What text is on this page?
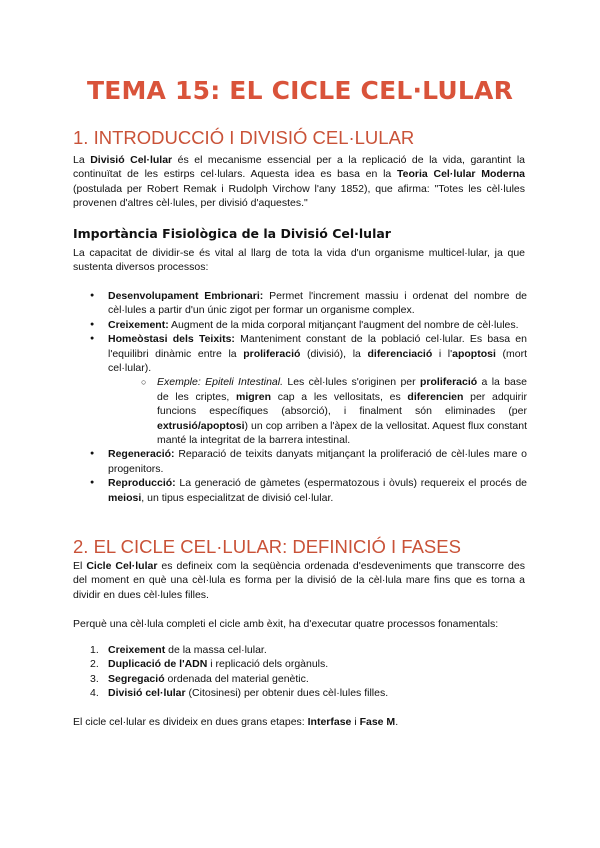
TEMA 15: EL CICLE CEL·LULAR
1. INTRODUCCIÓ I DIVISIÓ CEL·LULAR

La Divisió Cel·lular és el mecanisme essencial per a la replicació de la vida, garantint la continuïtat de les estirps cel·lulars. Aquesta idea es basa en la Teoria Cel·lular Moderna (postulada per Robert Remak i Rudolph Virchow l'any 1852), que afirma: "Totes les cèl·lules provenen d'altres cèl·lules, per divisió d'aquestes."

Importància Fisiològica de la Divisió Cel·lular

La capacitat de dividir-se és vital al llarg de tota la vida d'un organisme multicel·lular, ja que sustenta diversos processos:

● Desenvolupament Embrionari: Permet l'increment massiu i ordenat del nombre de cèl·lules a partir d'un únic zigot per formar un organisme complex.
● Creixement: Augment de la mida corporal mitjançant l'augment del nombre de cèl·lules.
● Homeòstasi dels Teixits: Manteniment constant de la població cel·lular. Es basa en l'equilibri dinàmic entre la proliferació (divisió), la diferenciació i l'apoptosi (mort cel·lular).
○ Exemple: Epiteli Intestinal. Les cèl·lules s'originen per proliferació a la base de les criptes, migren cap a les vellositats, es diferencien per adquirir funcions específiques (absorció), i finalment són eliminades (per extrusió/apoptosi) un cop arriben a l'àpex de la vellositat. Aquest flux constant manté la integritat de la barrera intestinal.
● Regeneració: Reparació de teixits danyats mitjançant la proliferació de cèl·lules mare o progenitors.
● Reproducció: La generació de gàmetes (espermatozous i òvuls) requereix el procés de meiosi, un tipus especialitzat de divisió cel·lular.
2. EL CICLE CEL·LULAR: DEFINICIÓ I FASES

El Cicle Cel·lular es defineix com la seqüència ordenada d'esdeveniments que transcorre des del moment en què una cèl·lula es forma per la divisió de la cèl·lula mare fins que es torna a dividir en dues cèl·lules filles.

Perquè una cèl·lula completi el cicle amb èxit, ha d'executar quatre processos fonamentals:

1. Creixement de la massa cel·lular.
2. Duplicació de l'ADN i replicació dels orgànuls.
3. Segregació ordenada del material genètic.
4. Divisió cel·lular (Citosinesi) per obtenir dues cèl·lules filles.

El cicle cel·lular es divideix en dues grans etapes: Interfase i Fase M.
